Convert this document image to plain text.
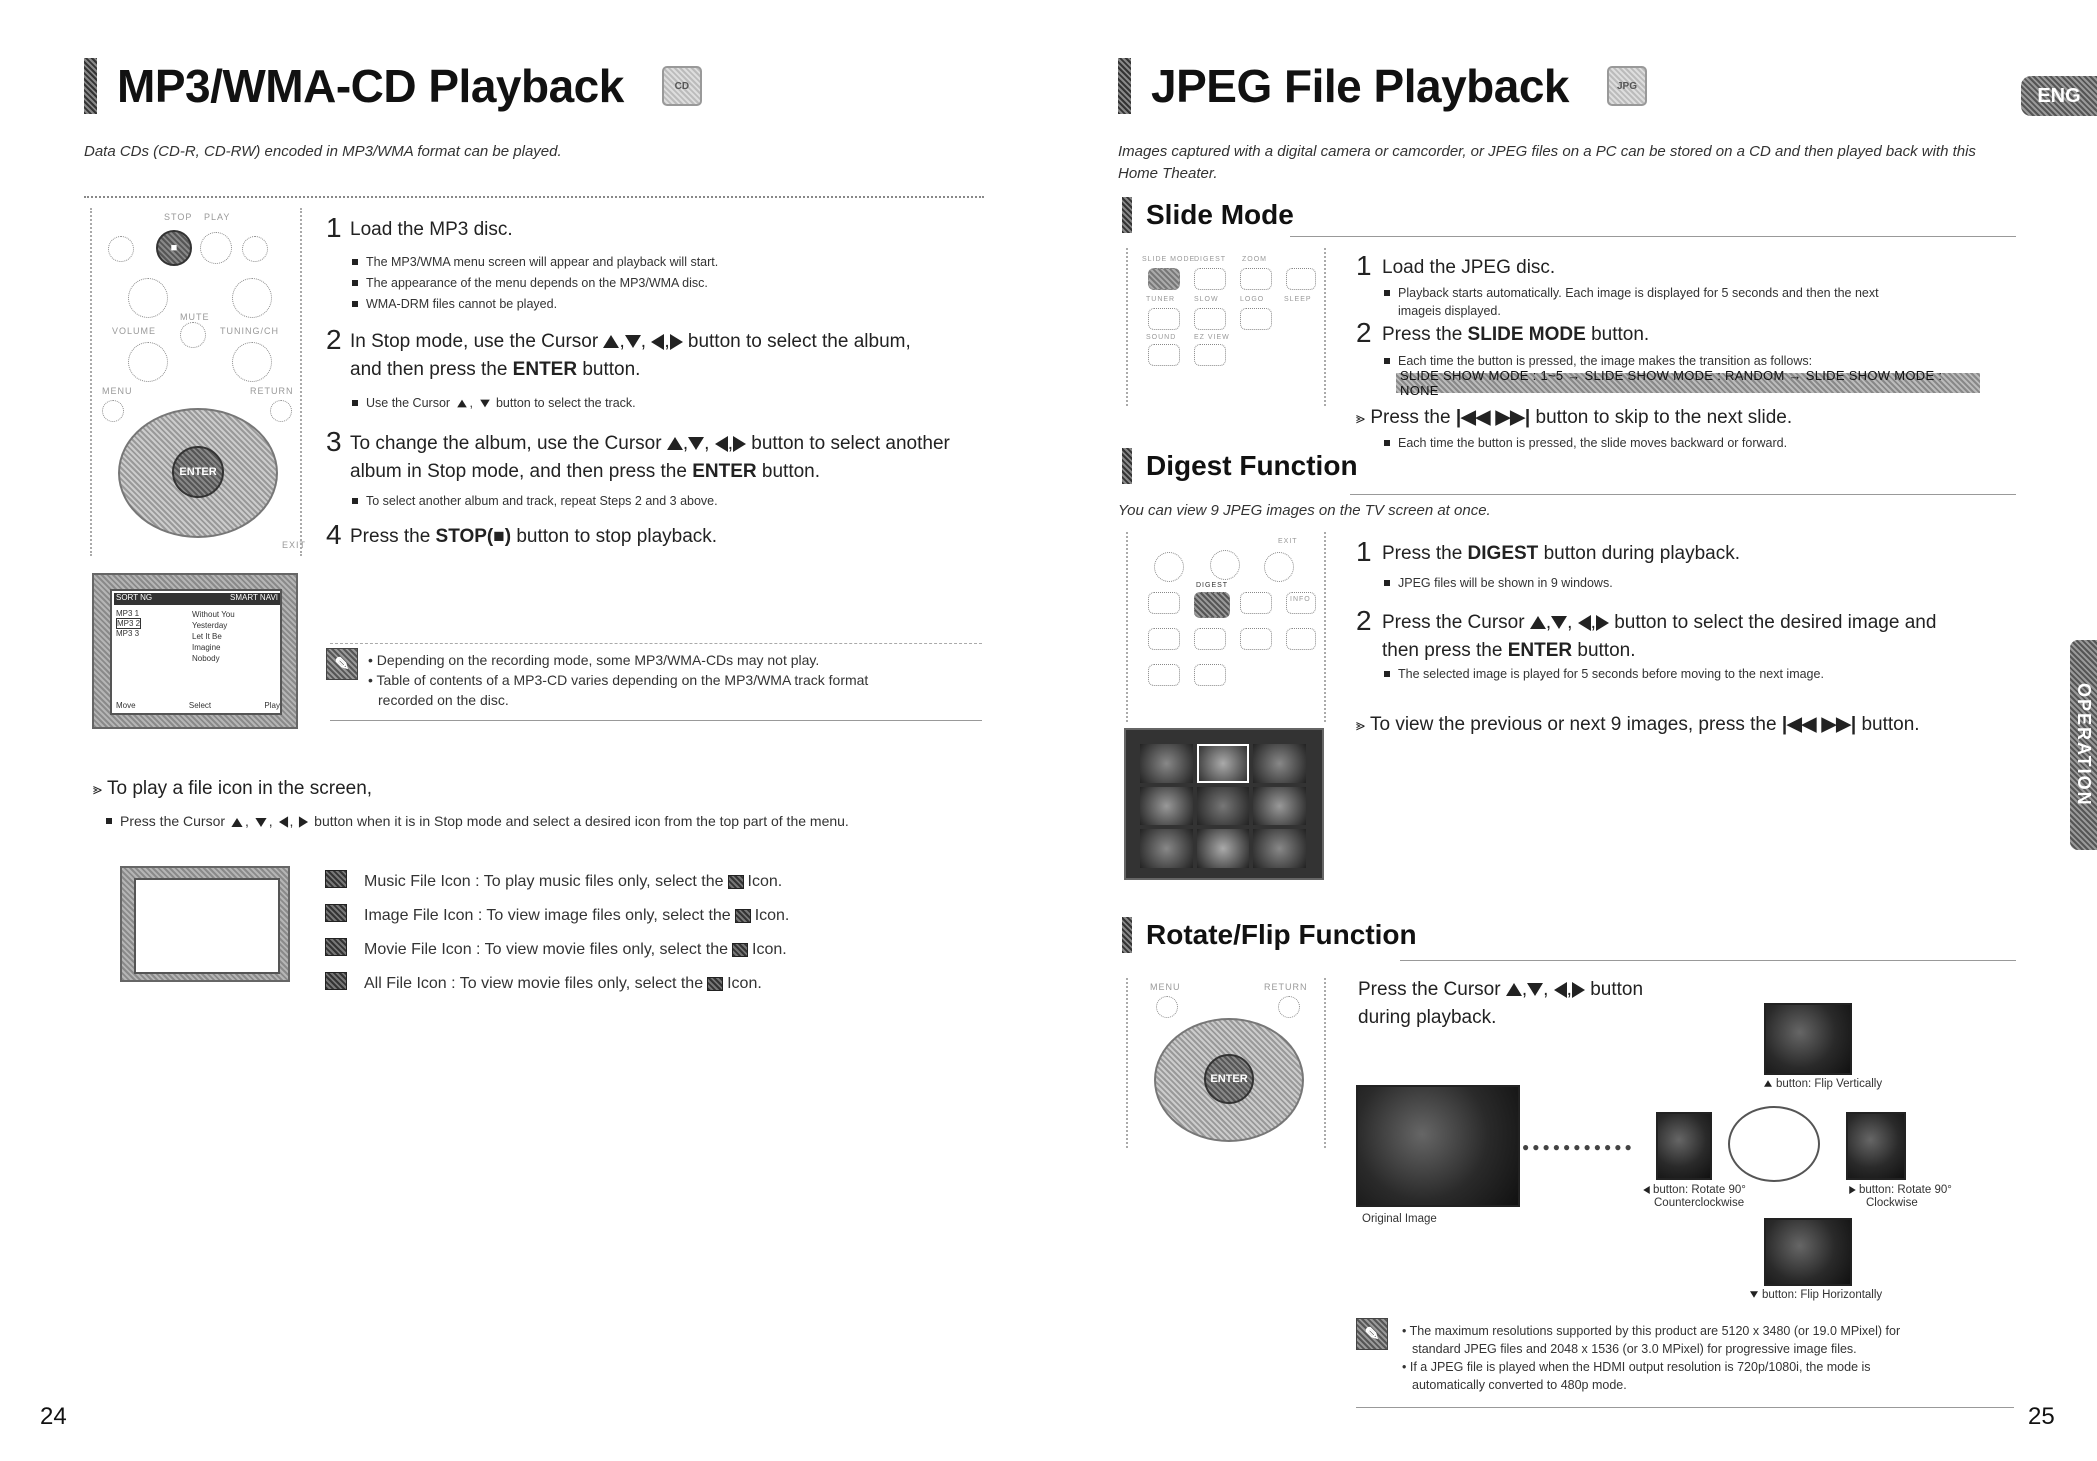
MP3/WMA-CD Playback	CD
Data CDs (CD-R, CD-RW) encoded in MP3/WMA format can be played.
STOP PLAY
■
MUTE
VOLUME	TUNING/CH
MENU	RETURN
ENTER
EXIT
SORT NG	SMART NAVI
MP3 1
MP3 2
MP3 3
Without You
Yesterday
Let It Be
Imagine
Nobody
Move	Select	Play
1 Load the MP3 disc.
The MP3/WMA menu screen will appear and playback will start.
The appearance of the menu depends on the MP3/WMA disc.
WMA-DRM files cannot be played.
2 In Stop mode, use the Cursor , , , button to select the album,
and then press the ENTER button.
Use the Cursor ,  button to select the track.
3 To change the album, use the Cursor , , , button to select another
album in Stop mode, and then press the ENTER button.
To select another album and track, repeat Steps 2 and 3 above.
4 Press the STOP(■) button to stop playback.
✎	• Depending on the recording mode, some MP3/WMA-CDs may not play.
• Table of contents of a MP3-CD varies depending on the MP3/WMA track format
recorded on the disc.
⪢ To play a file icon in the screen,
Press the Cursor , , ,  button when it is in Stop mode and select a desired icon from the top part of the menu.
Music File Icon : To play music files only, select the Icon.
Image File Icon : To view image files only, select the Icon.
Movie File Icon : To view movie files only, select the Icon.
All File Icon : To view movie files only, select the Icon.
24
JPEG File Playback	JPG	ENG
Images captured with a digital camera or camcorder, or JPEG files on a PC can be stored on a CD and then played back with this Home Theater.
Slide Mode
SLIDE MODE
DIGEST ZOOM
TUNER	SLOW	LOGO	SLEEP
SOUND	EZ VIEW
1 Load the JPEG disc.
Playback starts automatically. Each image is displayed for 5 seconds and then the next
imageis displayed.
2 Press the SLIDE MODE button.
Each time the button is pressed, the image makes the transition as follows:
SLIDE SHOW MODE : 1~5 → SLIDE SHOW MODE : RANDOM → SLIDE SHOW MODE : NONE
⪢ Press the |◀◀ ▶▶| button to skip to the next slide.
Each time the button is pressed, the slide moves backward or forward.
Digest Function
You can view 9 JPEG images on the TV screen at once.
EXIT
DIGEST
INFO
1 Press the DIGEST button during playback.
JPEG files will be shown in 9 windows.
2 Press the Cursor , , , button to select the desired image and
then press the ENTER button.
The selected image is played for 5 seconds before moving to the next image.
⪢ To view the previous or next 9 images, press the |◀◀ ▶▶| button.
Rotate/Flip Function
MENU	RETURN
ENTER
Press the Cursor , , , button
during playback.
Original Image
●●●●●●●●●●●
button: Flip Vertically
button: Rotate 90°
Counterclockwise
button: Rotate 90°
Clockwise
button: Flip Horizontally
✎	• The maximum resolutions supported by this product are 5120 x 3480 (or 19.0 MPixel) for
standard JPEG files and 2048 x 1536 (or 3.0 MPixel) for progressive image files.
• If a JPEG file is played when the HDMI output resolution is 720p/1080i, the mode is
automatically converted to 480p mode.
OPERATION
25
